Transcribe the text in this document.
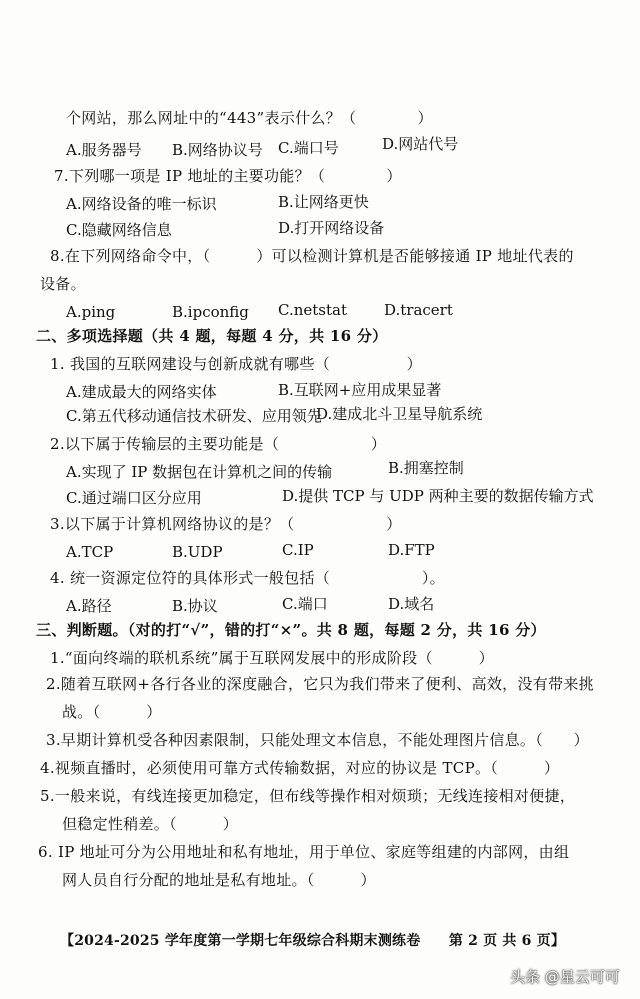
个网站，那么网址中的“443”表示什么？（　　　　）
A.服务器号 B.网络协议号 C.端口号	D.网站代号
7.下列哪一项是 IP 地址的主要功能？（　　　　）
A.网络设备的唯一标识	B.让网络更快
C.隐藏网络信息	D.打开网络设备
8.在下列网络命令中，（　　　）可以检测计算机是否能够接通 IP 地址代表的
设备。
A.ping	B.ipconfig C.netstat D.tracert
二、多项选择题（共 4 题，每题 4 分，共 16 分）
1. 我国的互联网建设与创新成就有哪些（　　　　　）
A.建成最大的网络实体	B.互联网+应用成果显著
C.第五代移动通信技术研发、应用领先
D.建成北斗卫星导航系统
2.以下属于传输层的主要功能是（　　　　　　）
A.实现了 IP 数据包在计算机之间的传输	B.拥塞控制
C.通过端口区分应用	D.提供 TCP 与 UDP 两种主要的数据传输方式
3.以下属于计算机网络协议的是？（　　　　　　）
A.TCP	B.UDP	C.IP	D.FTP
4. 统一资源定位符的具体形式一般包括（　　　　　　）。
A.路径	B.协议	C.端口	D.域名
三、判断题。（对的打“√”，错的打“×”。共 8 题，每题 2 分，共 16 分）
1.“面向终端的联机系统”属于互联网发展中的形成阶段（　　　）
2.随着互联网+各行各业的深度融合，它只为我们带来了便利、高效，没有带来挑
战。（　　　）
3.早期计算机受各种因素限制，只能处理文本信息，不能处理图片信息。（　　）
4.视频直播时，必须使用可靠方式传输数据，对应的协议是 TCP。（　　　）
5.一般来说，有线连接更加稳定，但布线等操作相对烦琐；无线连接相对便捷，
但稳定性稍差。（　　　）
6. IP 地址可分为公用地址和私有地址，用于单位、家庭等组建的内部网，由组
网人员自行分配的地址是私有地址。（　　　）
【2024-2025 学年度第一学期七年级综合科期末测练卷　　第 2 页 共 6 页】
头条 @星云可可
